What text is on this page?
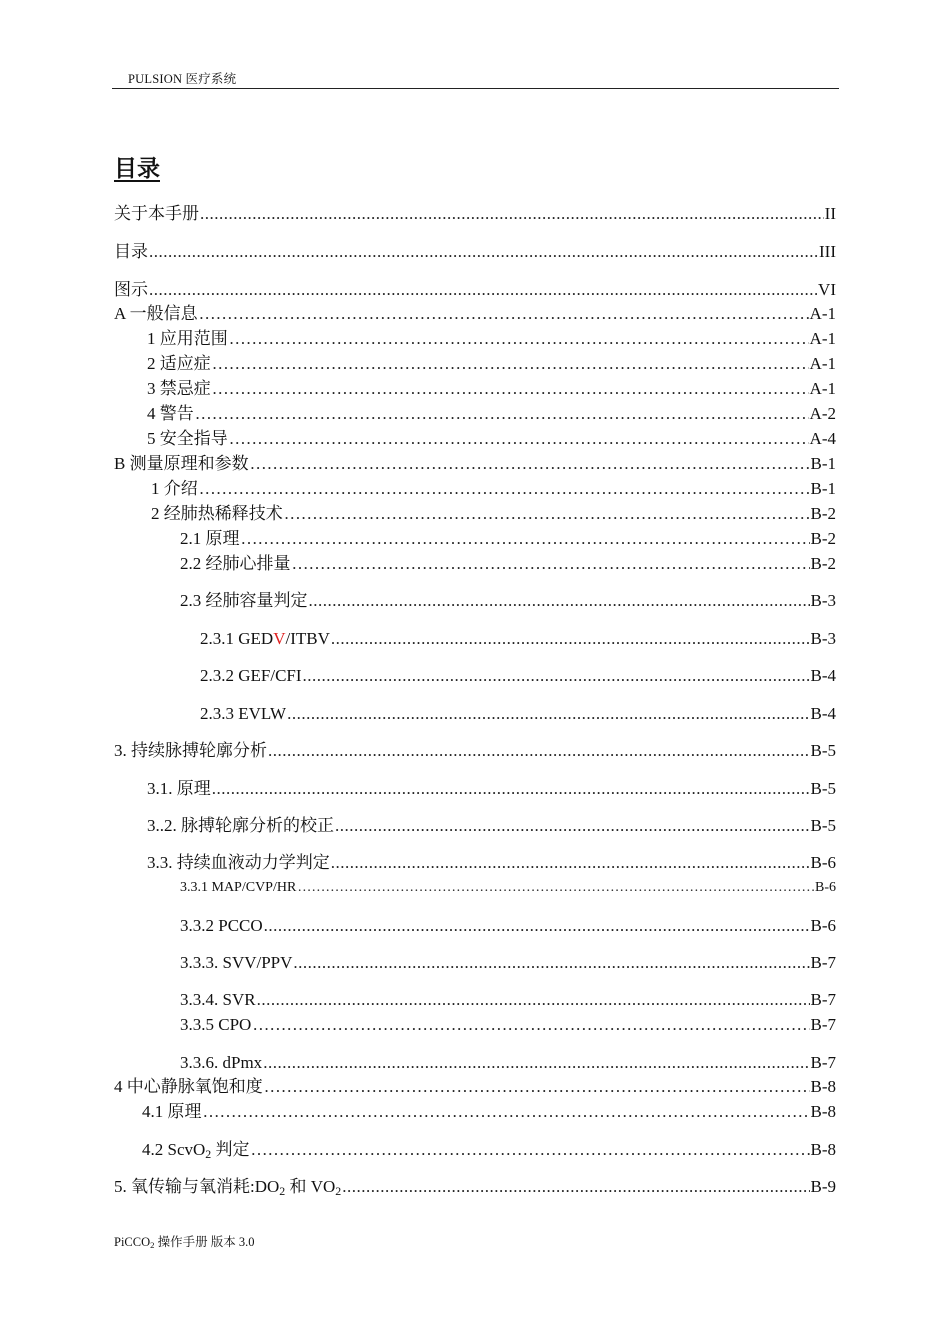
PULSION 医疗系统
目录
关于本手册 .....	II
目录 .....	III
图示 .....	VI
A 一般信息 …………………………………………………………………………………………………………………………………………………………………………………………………………………	A-1
1 应用范围 …………………………………………………………………………………………………………………………………………………………………………………………………………………	A-1
2 适应症 …………………………………………………………………………………………………………………………………………………………………………………………………………………	A-1
3 禁忌症 …………………………………………………………………………………………………………………………………………………………………………………………………………………	A-1
4 警告 …………………………………………………………………………………………………………………………………………………………………………………………………………………	A-2
5 安全指导 …………………………………………………………………………………………………………………………………………………………………………………………………………………	A-4
B 测量原理和参数 …………………………………………………………………………………………………………………………………………………………………………………………………………………	B-1
1 介绍 …………………………………………………………………………………………………………………………………………………………………………………………………………………	B-1
2 经肺热稀释技术 …………………………………………………………………………………………………………………………………………………………………………………………………………………	B-2
2.1 原理 …………………………………………………………………………………………………………………………………………………………………………………………………………………	B-2
2.2 经肺心排量 …………………………………………………………………………………………………………………………………………………………………………………………………………………	B-2
2.3 经肺容量判定 .....	B-3
2.3.1 GEDV/ITBV .....	B-3
2.3.2 GEF/CFI .....	B-4
2.3.3 EVLW .....	B-4
3. 持续脉搏轮廓分析 .....	B-5
3.1. 原理 .....	B-5
3..2. 脉搏轮廓分析的校正 .....	B-5
3.3. 持续血液动力学判定 .....	B-6
3.3.1 MAP/CVP/HR …………………………………………………………………………………………………………………………………………………………………………………………………………………	B-6
3.3.2 PCCO .....	B-6
3.3.3. SVV/PPV .....	B-7
3.3.4. SVR .....	B-7
3.3.5 CPO …………………………………………………………………………………………………………………………………………………………………………………………………………………	B-7
3.3.6. dPmx .....	B-7
4 中心静脉氧饱和度 …………………………………………………………………………………………………………………………………………………………………………………………………………………	B-8
4.1 原理 …………………………………………………………………………………………………………………………………………………………………………………………………………………	B-8
4.2 ScvO$_2$ 判定 …………………………………………………………………………………………………………………………………………………………………………………………………………………	B-8
5. 氧传输与氧消耗$:DO_2$ 和 $VO_2$ .....	B-9
PiCCO$_2$ 操作手册 版本 3.0
